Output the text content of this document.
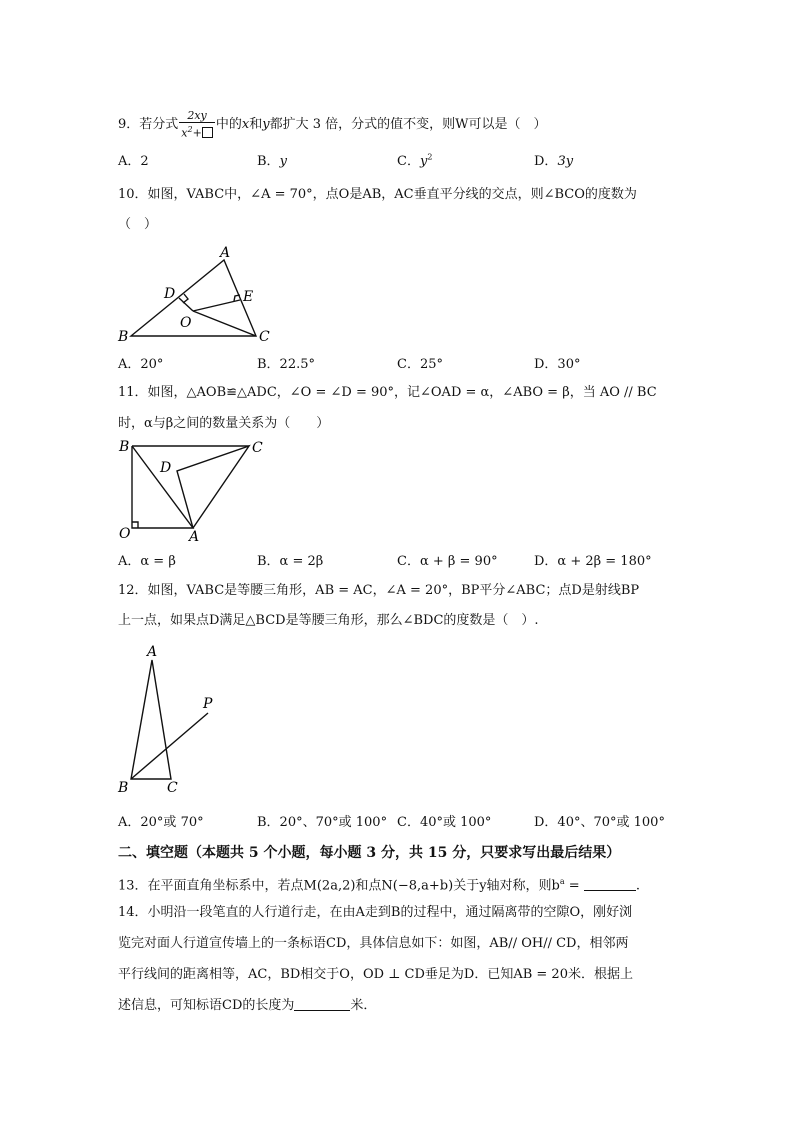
9．若分式 $\frac{2xy}{x^2+}$ 中的x和y都扩大 3 倍，分式的值不变，则W可以是（　）
A．2	B．y	C．$y^2$	D．3y
10．如图，VABC中，∠A = 70°，点O是AB，AC垂直平分线的交点，则∠BCO的度数为
（　）
A
D	E
O
B	C
A．20°	B．22.5°	C．25°	D．30°
11．如图，△AOB≌△ADC，∠O = ∠D = 90°，记∠OAD = α，∠ABO = β，当 AO // BC
时，α与β之间的数量关系为（　　）
B	C
D
O	A
A．α = β	B．α = 2β	C．α + β = 90°	D．α + 2β = 180°
12．如图，VABC是等腰三角形，AB = AC，∠A = 20°，BP平分∠ABC；点D是射线BP
上一点，如果点D满足△BCD是等腰三角形，那么∠BDC的度数是（　）.
A
P
B	C
A．20°或 70°	B．20°、70°或 100° C．40°或 100°	D．40°、70°或 100°
二、填空题（本题共 5 个小题，每小题 3 分，共 15 分，只要求写出最后结果）
13．在平面直角坐标系中，若点M(2a,2)和点N(−8,a+b)关于y轴对称，则$b^a$ =	.
14．小明沿一段笔直的人行道行走，在由A走到B的过程中，通过隔离带的空隙O，刚好浏
览完对面人行道宣传墙上的一条标语CD，具体信息如下：如图，AB// OH// CD，相邻两
平行线间的距离相等，AC，BD相交于O，OD ⊥ CD垂足为D．已知AB = 20米．根据上
述信息，可知标语CD的长度为	米．
